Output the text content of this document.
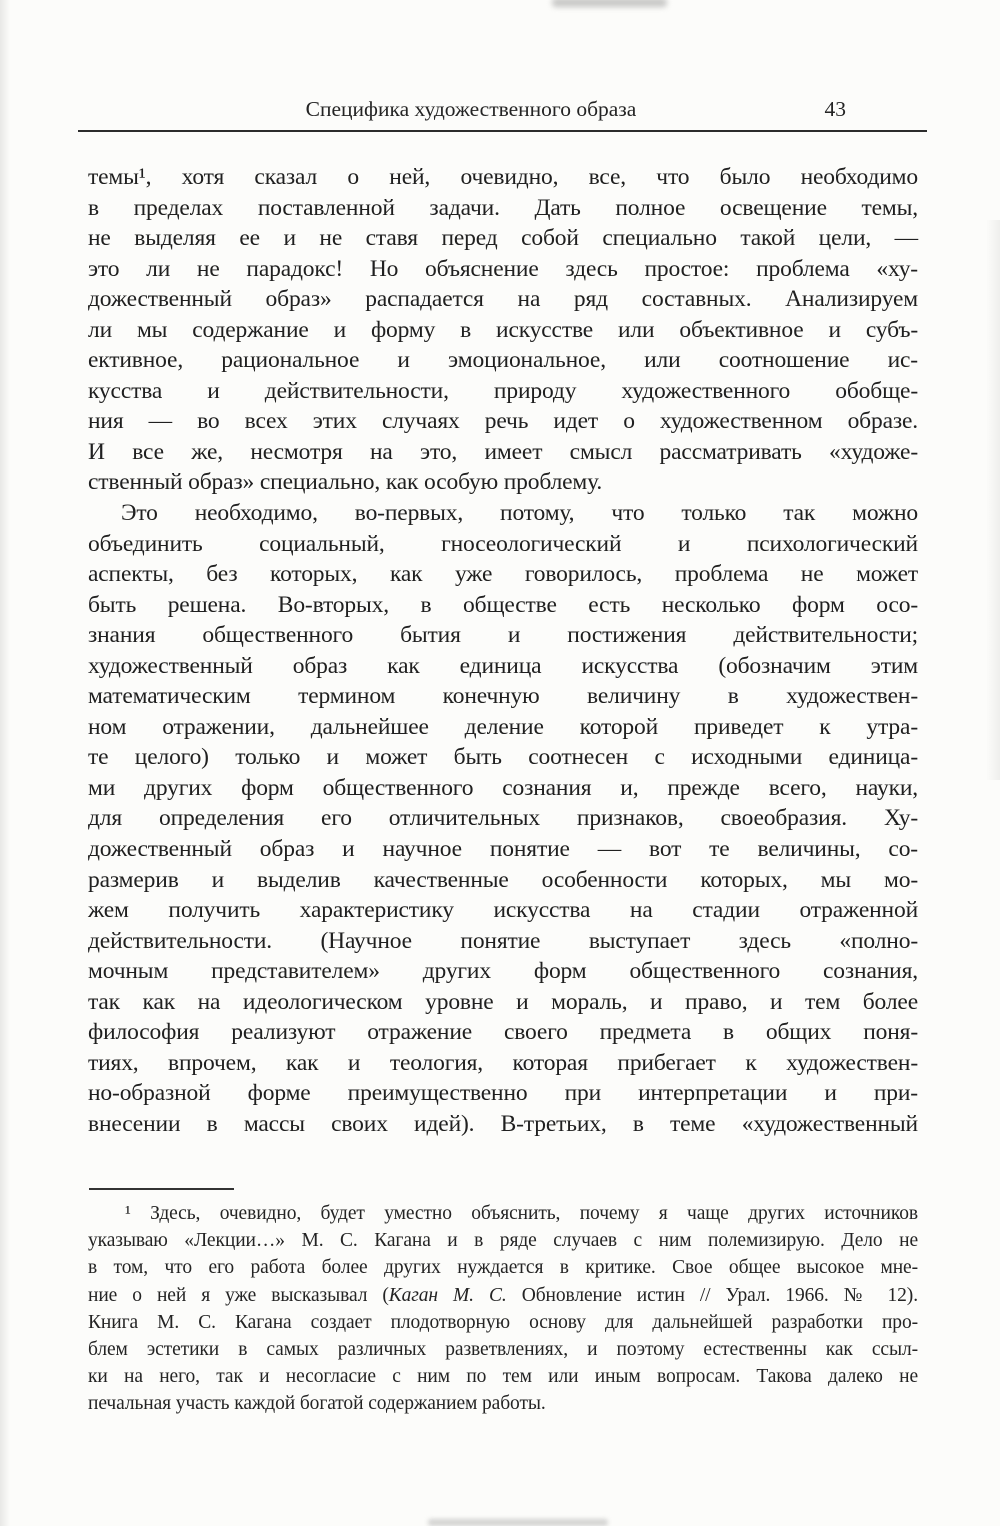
Специфика художественного образа	43
темы¹, хотя сказал о ней, очевидно, все, что было необходимо
в пределах поставленной задачи. Дать полное освещение темы,
не выделяя ее и не ставя перед собой специально такой цели, —
это ли не парадокс! Но объяснение здесь простое: проблема «ху-
дожественный образ» распадается на ряд составных. Анализируем
ли мы содержание и форму в искусстве или объективное и субъ-
ективное, рациональное и эмоциональное, или соотношение ис-
кусства и действительности, природу художественного обобще-
ния — во всех этих случаях речь идет о художественном образе.
И все же, несмотря на это, имеет смысл рассматривать «художе-
ственный образ» специально, как особую проблему.
Это необходимо, во-первых, потому, что только так можно
объединить социальный, гносеологический и психологический
аспекты, без которых, как уже говорилось, проблема не может
быть решена. Во-вторых, в обществе есть несколько форм осо-
знания общественного бытия и постижения действительности;
художественный образ как единица искусства (обозначим этим
математическим термином конечную величину в художествен-
ном отражении, дальнейшее деление которой приведет к утра-
те целого) только и может быть соотнесен с исходными единица-
ми других форм общественного сознания и, прежде всего, науки,
для определения его отличительных признаков, своеобразия. Ху-
дожественный образ и научное понятие — вот те величины, со-
размерив и выделив качественные особенности которых, мы мо-
жем получить характеристику искусства на стадии отраженной
действительности. (Научное понятие выступает здесь «полно-
мочным представителем» других форм общественного сознания,
так как на идеологическом уровне и мораль, и право, и тем более
философия реализуют отражение своего предмета в общих поня-
тиях, впрочем, как и теология, которая прибегает к художествен-
но-образной форме преимущественно при интерпретации и при-
внесении в массы своих идей). В-третьих, в теме «художественный
¹ Здесь, очевидно, будет уместно объяснить, почему я чаще других источников
указываю «Лекции…» М. С. Кагана и в ряде случаев с ним полемизирую. Дело не
в том, что его работа более других нуждается в критике. Свое общее высокое мне-
ние о ней я уже высказывал (Каган М. С. Обновление истин // Урал. 1966. № 12).
Книга М. С. Кагана создает плодотворную основу для дальнейшей разработки про-
блем эстетики в самых различных разветвлениях, и поэтому естественны как ссыл-
ки на него, так и несогласие с ним по тем или иным вопросам. Такова далеко не
печальная участь каждой богатой содержанием работы.
